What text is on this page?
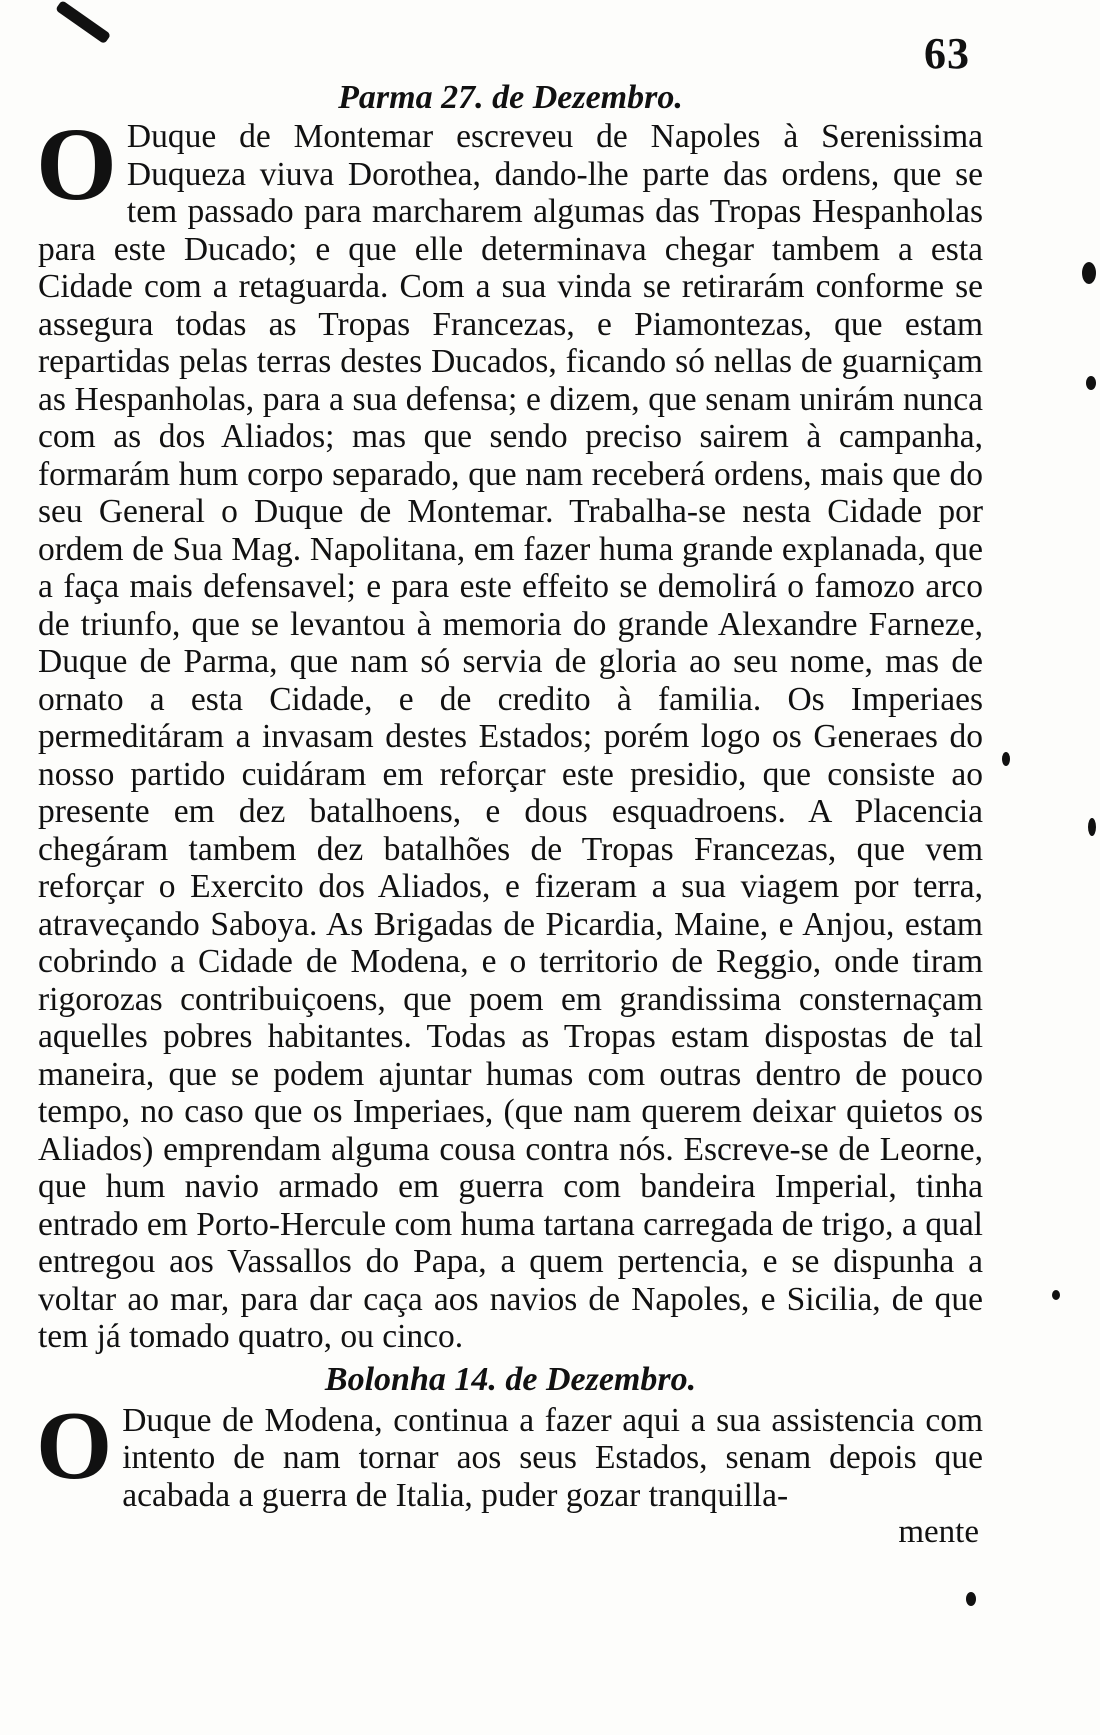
63
Parma 27. de Dezembro.

O Duque de Montemar escreveu de Napoles à Serenissima Duqueza viuva Dorothea, dando-lhe parte das ordens, que se tem passado para marcharem algumas das Tropas Hespanholas para este Ducado; e que elle determinava chegar tambem a esta Cidade com a retaguarda. Com a sua vinda se retirarám conforme se assegura todas as Tropas Francezas, e Piamontezas, que estam repartidas pelas terras destes Ducados, ficando só nellas de guarniçam as Hespanholas, para a sua defensa; e dizem, que senam unirám nunca com as dos Aliados; mas que sendo preciso sairem à campanha, formarám hum corpo separado, que nam receberá ordens, mais que do seu General o Duque de Montemar. Trabalha-se nesta Cidade por ordem de Sua Mag. Napolitana, em fazer huma grande explanada, que a faça mais defensavel; e para este effeito se demolirá o famozo arco de triunfo, que se levantou à memoria do grande Alexandre Farneze, Duque de Parma, que nam só servia de gloria ao seu nome, mas de ornato a esta Cidade, e de credito à familia. Os Imperiaes permeditáram a invasam destes Estados; porém logo os Generaes do nosso partido cuidáram em reforçar este presidio, que consiste ao presente em dez batalhoens, e dous esquadroens. A Placencia chegáram tambem dez batalhões de Tropas Francezas, que vem reforçar o Exercito dos Aliados, e fizeram a sua viagem por terra, atraveçando Saboya. As Brigadas de Picardia, Maine, e Anjou, estam cobrindo a Cidade de Modena, e o territorio de Reggio, onde tiram rigorozas contribuiçoens, que poem em grandissima consternaçam aquelles pobres habitantes. Todas as Tropas estam dispostas de tal maneira, que se podem ajuntar humas com outras dentro de pouco tempo, no caso que os Imperiaes, (que nam querem deixar quietos os Aliados) emprendam alguma cousa contra nós. Escreve-se de Leorne, que hum navio armado em guerra com bandeira Imperial, tinha entrado em Porto-Hercule com huma tartana carregada de trigo, a qual entregou aos Vassallos do Papa, a quem pertencia, e se dispunha a voltar ao mar, para dar caça aos navios de Napoles, e Sicilia, de que tem já tomado quatro, ou cinco.

Bolonha 14. de Dezembro.

O Duque de Modena, continua a fazer aqui a sua assistencia com intento de nam tornar aos seus Estados, senam depois que acabada a guerra de Italia, puder gozar tranquilla-

mente
